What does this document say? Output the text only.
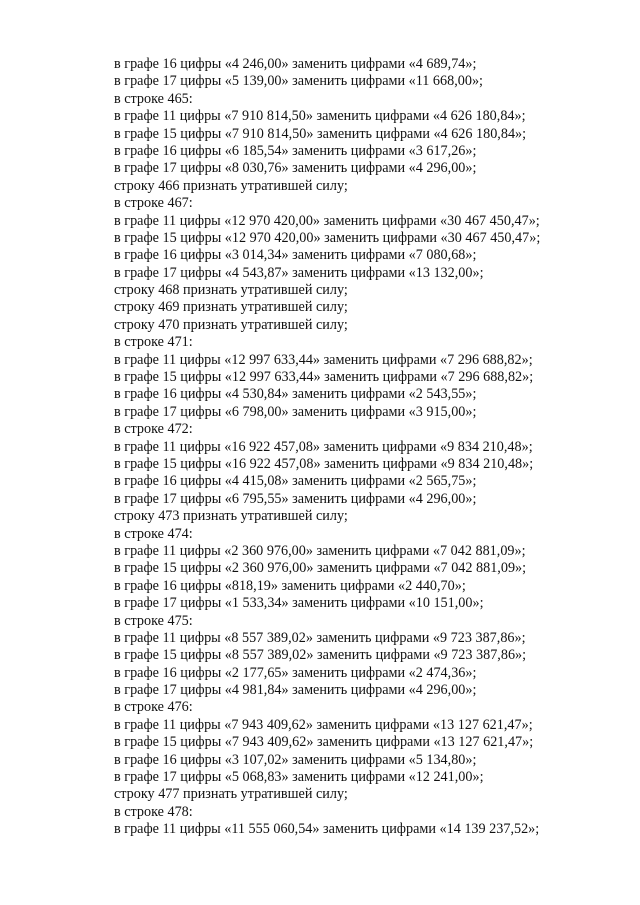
в графе 16 цифры «4 246,00» заменить цифрами «4 689,74»;
в графе 17 цифры «5 139,00» заменить цифрами «11 668,00»;
в строке 465:
в графе 11 цифры «7 910 814,50» заменить цифрами «4 626 180,84»;
в графе 15 цифры «7 910 814,50» заменить цифрами «4 626 180,84»;
в графе 16 цифры «6 185,54» заменить цифрами «3 617,26»;
в графе 17 цифры «8 030,76» заменить цифрами «4 296,00»;
строку 466 признать утратившей силу;
в строке 467:
в графе 11 цифры «12 970 420,00» заменить цифрами «30 467 450,47»;
в графе 15 цифры «12 970 420,00» заменить цифрами «30 467 450,47»;
в графе 16 цифры «3 014,34» заменить цифрами «7 080,68»;
в графе 17 цифры «4 543,87» заменить цифрами «13 132,00»;
строку 468 признать утратившей силу;
строку 469 признать утратившей силу;
строку 470 признать утратившей силу;
в строке 471:
в графе 11 цифры «12 997 633,44» заменить цифрами «7 296 688,82»;
в графе 15 цифры «12 997 633,44» заменить цифрами «7 296 688,82»;
в графе 16 цифры «4 530,84» заменить цифрами «2 543,55»;
в графе 17 цифры «6 798,00» заменить цифрами «3 915,00»;
в строке 472:
в графе 11 цифры «16 922 457,08» заменить цифрами «9 834 210,48»;
в графе 15 цифры «16 922 457,08» заменить цифрами «9 834 210,48»;
в графе 16 цифры «4 415,08» заменить цифрами «2 565,75»;
в графе 17 цифры «6 795,55» заменить цифрами «4 296,00»;
строку 473 признать утратившей силу;
в строке 474:
в графе 11 цифры «2 360 976,00» заменить цифрами «7 042 881,09»;
в графе 15 цифры «2 360 976,00» заменить цифрами «7 042 881,09»;
в графе 16 цифры «818,19» заменить цифрами «2 440,70»;
в графе 17 цифры «1 533,34» заменить цифрами «10 151,00»;
в строке 475:
в графе 11 цифры «8 557 389,02» заменить цифрами «9 723 387,86»;
в графе 15 цифры «8 557 389,02» заменить цифрами «9 723 387,86»;
в графе 16 цифры «2 177,65» заменить цифрами «2 474,36»;
в графе 17 цифры «4 981,84» заменить цифрами «4 296,00»;
в строке 476:
в графе 11 цифры «7 943 409,62» заменить цифрами «13 127 621,47»;
в графе 15 цифры «7 943 409,62» заменить цифрами «13 127 621,47»;
в графе 16 цифры «3 107,02» заменить цифрами «5 134,80»;
в графе 17 цифры «5 068,83» заменить цифрами «12 241,00»;
строку 477 признать утратившей силу;
в строке 478:
в графе 11 цифры «11 555 060,54» заменить цифрами «14 139 237,52»;
